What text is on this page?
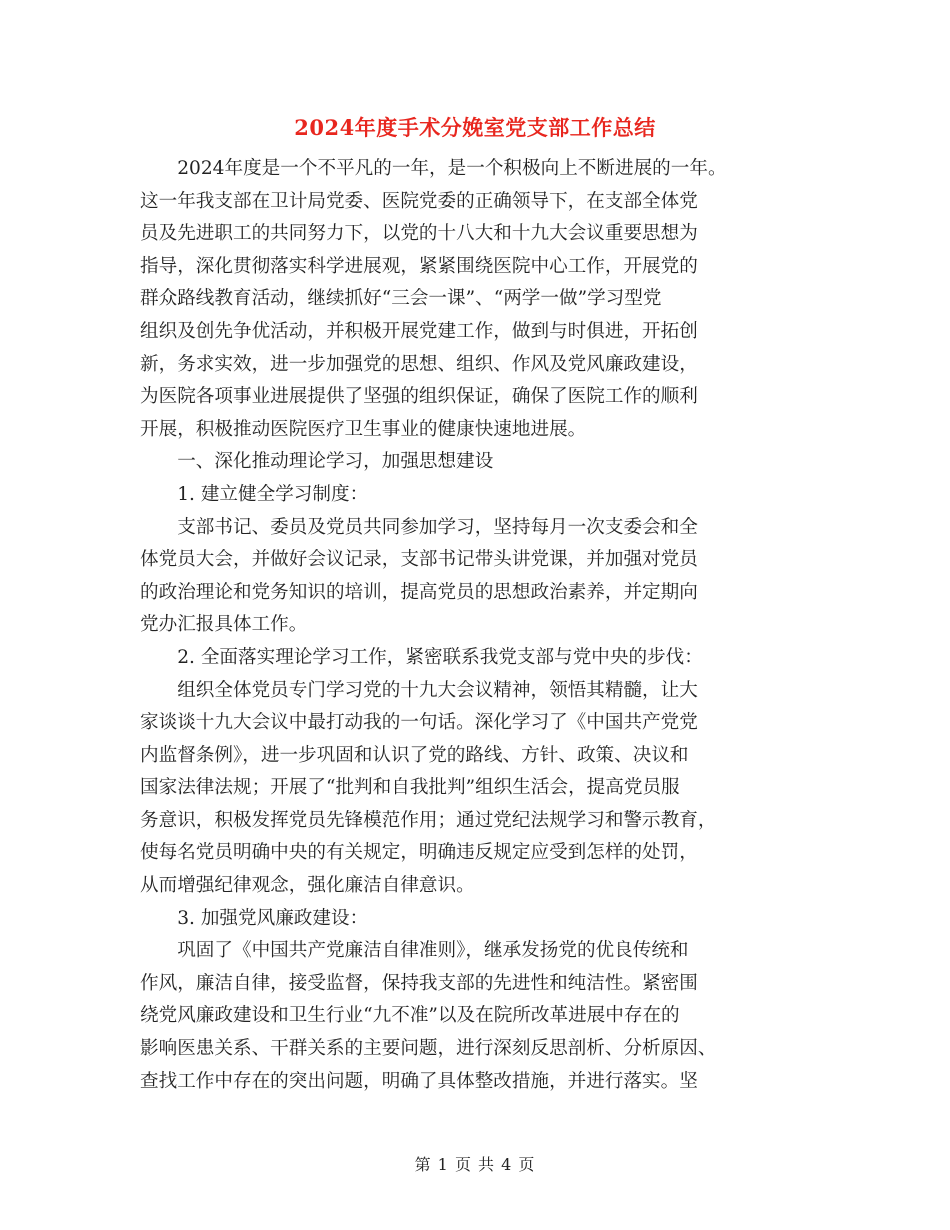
2024年度手术分娩室党支部工作总结
　　2024年度是一个不平凡的一年，是一个积极向上不断进展的一年。
这一年我支部在卫计局党委、医院党委的正确领导下，在支部全体党
员及先进职工的共同努力下，以党的十八大和十九大会议重要思想为
指导，深化贯彻落实科学进展观，紧紧围绕医院中心工作，开展党的
群众路线教育活动，继续抓好“三会一课”、“两学一做”学习型党
组织及创先争优活动，并积极开展党建工作，做到与时俱进，开拓创
新，务求实效，进一步加强党的思想、组织、作风及党风廉政建设，
为医院各项事业进展提供了坚强的组织保证，确保了医院工作的顺利
开展，积极推动医院医疗卫生事业的健康快速地进展。
　　一、深化推动理论学习，加强思想建设
　　1. 建立健全学习制度：
　　支部书记、委员及党员共同参加学习，坚持每月一次支委会和全
体党员大会，并做好会议记录，支部书记带头讲党课，并加强对党员
的政治理论和党务知识的培训，提高党员的思想政治素养，并定期向
党办汇报具体工作。
　　2. 全面落实理论学习工作，紧密联系我党支部与党中央的步伐：
　　组织全体党员专门学习党的十九大会议精神，领悟其精髓，让大
家谈谈十九大会议中最打动我的一句话。深化学习了《中国共产党党
内监督条例》，进一步巩固和认识了党的路线、方针、政策、决议和
国家法律法规；开展了“批判和自我批判”组织生活会，提高党员服
务意识，积极发挥党员先锋模范作用；通过党纪法规学习和警示教育，
使每名党员明确中央的有关规定，明确违反规定应受到怎样的处罚，
从而增强纪律观念，强化廉洁自律意识。
　　3. 加强党风廉政建设：
　　巩固了《中国共产党廉洁自律准则》，继承发扬党的优良传统和
作风，廉洁自律，接受监督，保持我支部的先进性和纯洁性。紧密围
绕党风廉政建设和卫生行业“九不准”以及在院所改革进展中存在的
影响医患关系、干群关系的主要问题，进行深刻反思剖析、分析原因、
查找工作中存在的突出问题，明确了具体整改措施，并进行落实。坚
第 1 页 共 4 页
